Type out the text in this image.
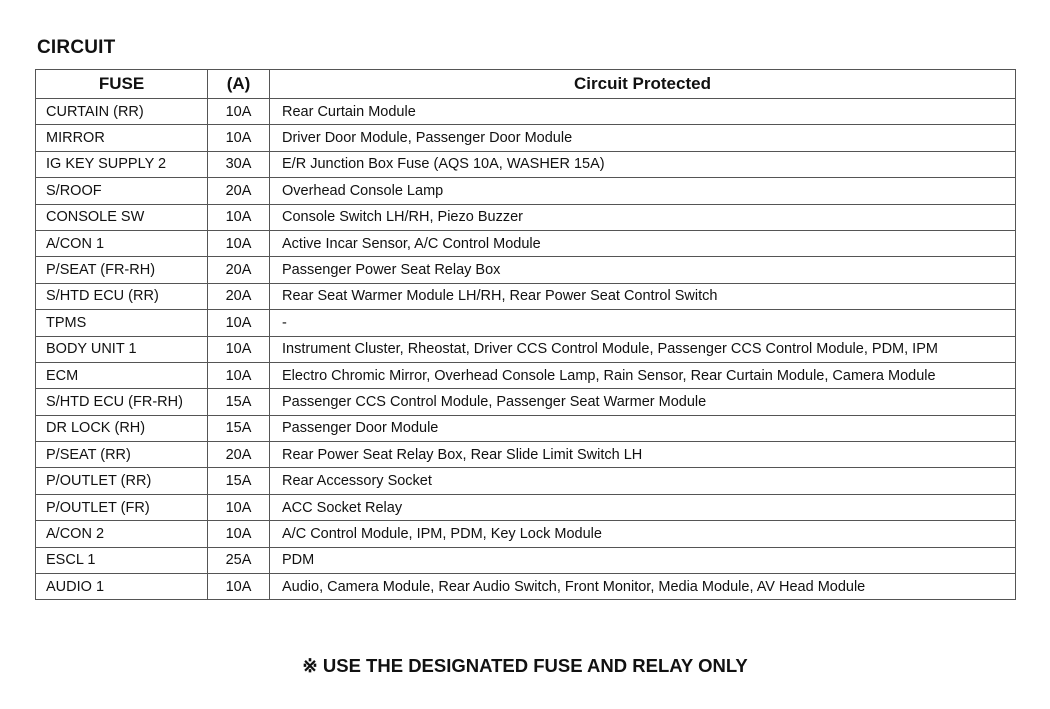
CIRCUIT
FUSE	(A)	Circuit Protected
CURTAIN (RR)	10A	Rear Curtain Module
MIRROR	10A	Driver Door Module, Passenger Door Module
IG KEY SUPPLY 2	30A	E/R Junction Box Fuse (AQS 10A, WASHER 15A)
S/ROOF	20A	Overhead Console Lamp
CONSOLE SW	10A	Console Switch LH/RH, Piezo Buzzer
A/CON 1	10A	Active Incar Sensor, A/C Control Module
P/SEAT (FR-RH)	20A	Passenger Power Seat Relay Box
S/HTD ECU (RR)	20A	Rear Seat Warmer Module LH/RH, Rear Power Seat Control Switch
TPMS	10A	-
BODY UNIT 1	10A	Instrument Cluster, Rheostat, Driver CCS Control Module, Passenger CCS Control Module, PDM, IPM
ECM	10A	Electro Chromic Mirror, Overhead Console Lamp, Rain Sensor, Rear Curtain Module, Camera Module
S/HTD ECU (FR-RH)	15A	Passenger CCS Control Module, Passenger Seat Warmer Module
DR LOCK (RH)	15A	Passenger Door Module
P/SEAT (RR)	20A	Rear Power Seat Relay Box, Rear Slide Limit Switch LH
P/OUTLET (RR)	15A	Rear Accessory Socket
P/OUTLET (FR)	10A	ACC Socket Relay
A/CON 2	10A	A/C Control Module, IPM, PDM, Key Lock Module
ESCL 1	25A	PDM
AUDIO 1	10A	Audio, Camera Module, Rear Audio Switch, Front Monitor, Media Module, AV Head Module
※ USE THE DESIGNATED FUSE AND RELAY ONLY
